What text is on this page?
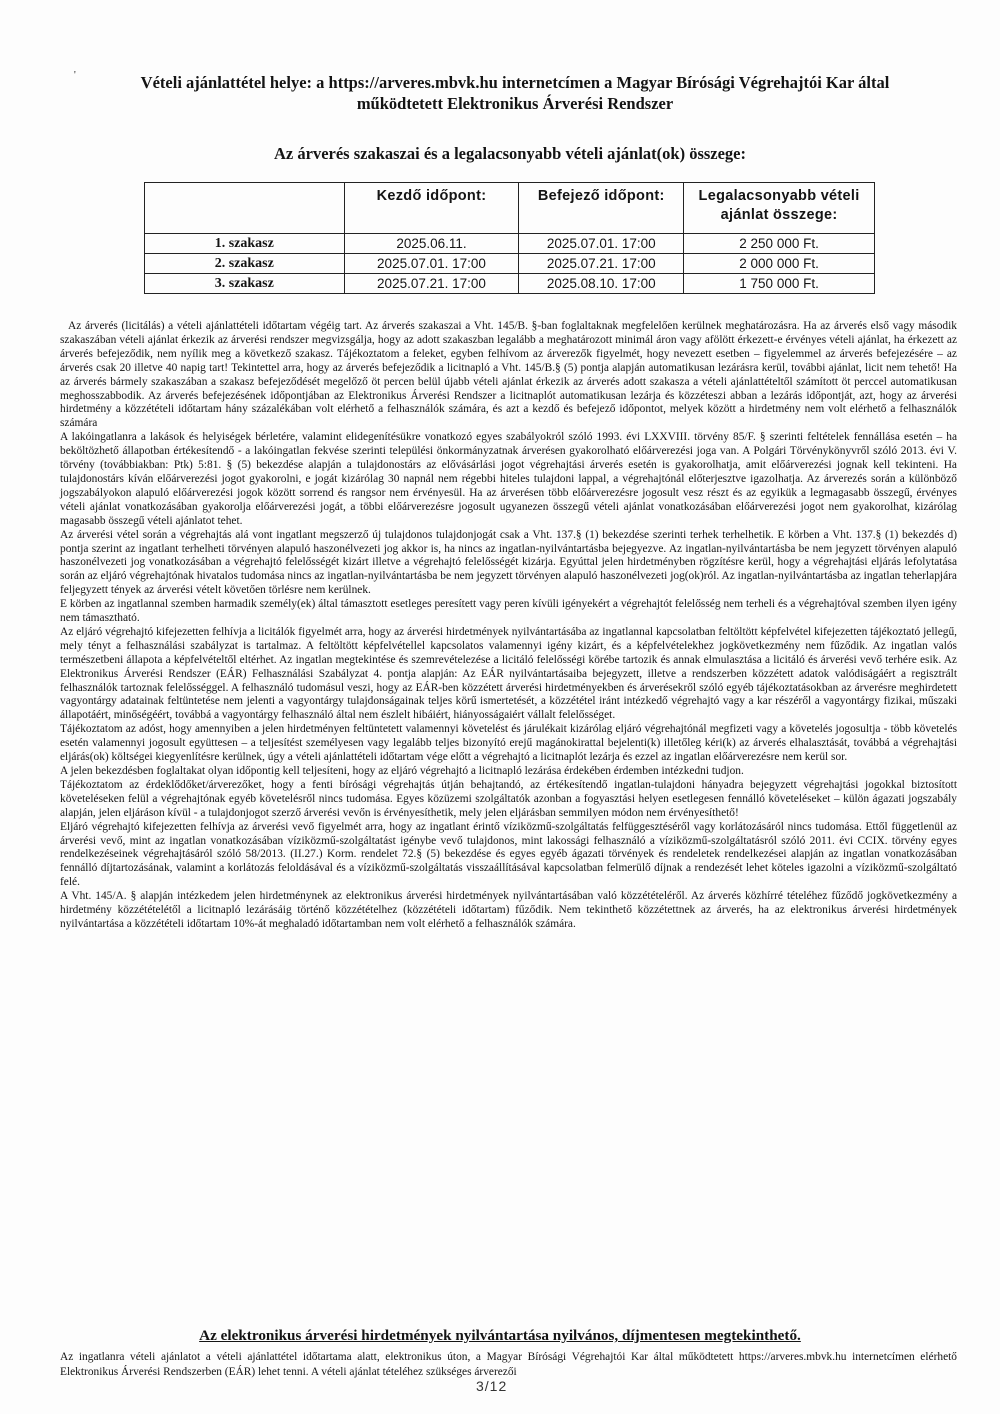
'	Vételi ajánlattétel helye: a https://arveres.mbvk.hu internetcímen a Magyar Bírósági Végrehajtói Kar által
működtetett Elektronikus Árverési Rendszer
Az árverés szakaszai és a legalacsonyabb vételi ajánlat(ok) összege:
	Kezdő időpont:	Befejező időpont:	Legalacsonyabb vételi ajánlat összege:
1. szakasz	2025.06.11.	2025.07.01. 17:00	2 250 000 Ft.
2. szakasz	2025.07.01. 17:00	2025.07.21. 17:00	2 000 000 Ft.
3. szakasz	2025.07.21. 17:00	2025.08.10. 17:00	1 750 000 Ft.

Az árverés (licitálás) a vételi ajánlattételi időtartam végéig tart. Az árverés szakaszai a Vht. 145/B. §-ban foglaltaknak megfelelően kerülnek meghatározásra. Ha az árverés első vagy második szakaszában vételi ajánlat érkezik az árverési rendszer megvizsgálja, hogy az adott szakaszban legalább a meghatározott minimál áron vagy afölött érkezett-e érvényes vételi ajánlat, ha érkezett az árverés befejeződik, nem nyílik meg a következő szakasz. Tájékoztatom a feleket, egyben felhívom az árverezők figyelmét, hogy nevezett esetben – figyelemmel az árverés befejezésére – az árverés csak 20 illetve 40 napig tart! Tekintettel arra, hogy az árverés befejeződik a licitnapló a Vht. 145/B.§ (5) pontja alapján automatikusan lezárásra kerül, további ajánlat, licit nem tehető! Ha az árverés bármely szakaszában a szakasz befejeződését megelőző öt percen belül újabb vételi ajánlat érkezik az árverés adott szakasza a vételi ajánlattételtől számított öt perccel automatikusan meghosszabbodik. Az árverés befejezésének időpontjában az Elektronikus Árverési Rendszer a licitnaplót automatikusan lezárja és közzéteszi abban a lezárás időpontját, azt, hogy az árverési hirdetmény a közzétételi időtartam hány százalékában volt elérhető a felhasználók számára, és azt a kezdő és befejező időpontot, melyek között a hirdetmény nem volt elérhető a felhasználók számára

A lakóingatlanra a lakások és helyiségek bérletére, valamint elidegenítésükre vonatkozó egyes szabályokról szóló 1993. évi LXXVIII. törvény 85/F. § szerinti feltételek fennállása esetén – ha beköltözhető állapotban értékesítendő - a lakóingatlan fekvése szerinti települési önkormányzatnak árverésen gyakorolható előárverezési joga van. A Polgári Törvénykönyvről szóló 2013. évi V. törvény (továbbiakban: Ptk) 5:81. § (5) bekezdése alapján a tulajdonostárs az elővásárlási jogot végrehajtási árverés esetén is gyakorolhatja, amit előárverezési jognak kell tekinteni. Ha tulajdonostárs kíván előárverezési jogot gyakorolni, e jogát kizárólag 30 napnál nem régebbi hiteles tulajdoni lappal, a végrehajtónál előterjesztve igazolhatja. Az árverezés során a különböző jogszabályokon alapuló előárverezési jogok között sorrend és rangsor nem érvényesül. Ha az árverésen több előárverezésre jogosult vesz részt és az egyikük a legmagasabb összegű, érvényes vételi ajánlat vonatkozásában gyakorolja előárverezési jogát, a többi előárverezésre jogosult ugyanezen összegű vételi ajánlat vonatkozásában előárverezési jogot nem gyakorolhat, kizárólag magasabb összegű vételi ajánlatot tehet.

Az árverési vétel során a végrehajtás alá vont ingatlant megszerző új tulajdonos tulajdonjogát csak a Vht. 137.§ (1) bekezdése szerinti terhek terhelhetik. E körben a Vht. 137.§ (1) bekezdés d) pontja szerint az ingatlant terhelheti törvényen alapuló haszonélvezeti jog akkor is, ha nincs az ingatlan-nyilvántartásba bejegyezve. Az ingatlan-nyilvántartásba be nem jegyzett törvényen alapuló haszonélvezeti jog vonatkozásában a végrehajtó felelősségét kizárt illetve a végrehajtó felelősségét kizárja. Egyúttal jelen hirdetményben rögzítésre kerül, hogy a végrehajtási eljárás lefolytatása során az eljáró végrehajtónak hivatalos tudomása nincs az ingatlan-nyilvántartásba be nem jegyzett törvényen alapuló haszonélvezeti jog(ok)ról. Az ingatlan-nyilvántartásba az ingatlan teherlapjára feljegyzett tények az árverési vételt követően törlésre nem kerülnek.

E körben az ingatlannal szemben harmadik személy(ek) által támasztott esetleges peresített vagy peren kívüli igényekért a végrehajtót felelősség nem terheli és a végrehajtóval szemben ilyen igény nem támasztható.

Az eljáró végrehajtó kifejezetten felhívja a licitálók figyelmét arra, hogy az árverési hirdetmények nyilvántartásába az ingatlannal kapcsolatban feltöltött képfelvétel kifejezetten tájékoztató jellegű, mely tényt a felhasználási szabályzat is tartalmaz. A feltöltött képfelvétellel kapcsolatos valamennyi igény kizárt, és a képfelvételekhez jogkövetkezmény nem fűződik. Az ingatlan valós természetbeni állapota a képfelvételtől eltérhet. Az ingatlan megtekintése és szemrevételezése a licitáló felelősségi körébe tartozik és annak elmulasztása a licitáló és árverési vevő terhére esik. Az Elektronikus Árverési Rendszer (EÁR) Felhasználási Szabályzat 4. pontja alapján: Az EÁR nyilvántartásaiba bejegyzett, illetve a rendszerben közzétett adatok valódiságáért a regisztrált felhasználók tartoznak felelősséggel. A felhasználó tudomásul veszi, hogy az EÁR-ben közzétett árverési hirdetményekben és árverésekről szóló egyéb tájékoztatásokban az árverésre meghirdetett vagyontárgy adatainak feltüntetése nem jelenti a vagyontárgy tulajdonságainak teljes körű ismertetését, a közzététel iránt intézkedő végrehajtó vagy a kar részéről a vagyontárgy fizikai, műszaki állapotáért, minőségéért, továbbá a vagyontárgy felhasználó által nem észlelt hibáiért, hiányosságaiért vállalt felelősséget.

Tájékoztatom az adóst, hogy amennyiben a jelen hirdetményen feltüntetett valamennyi követelést és járulékait kizárólag eljáró végrehajtónál megfizeti vagy a követelés jogosultja - több követelés esetén valamennyi jogosult együttesen – a teljesítést személyesen vagy legalább teljes bizonyító erejű magánokirattal bejelenti(k) illetőleg kéri(k) az árverés elhalasztását, továbbá a végrehajtási eljárás(ok) költségei kiegyenlítésre kerülnek, úgy a vételi ajánlattételi időtartam vége előtt a végrehajtó a licitnaplót lezárja és ezzel az ingatlan előárverezésre nem kerül sor.

A jelen bekezdésben foglaltakat olyan időpontig kell teljesíteni, hogy az eljáró végrehajtó a licitnapló lezárása érdekében érdemben intézkedni tudjon.

Tájékoztatom az érdeklődőket/árverezőket, hogy a fenti bírósági végrehajtás útján behajtandó, az értékesítendő ingatlan-tulajdoni hányadra bejegyzett végrehajtási jogokkal biztosított követeléseken felül a végrehajtónak egyéb követelésről nincs tudomása. Egyes közüzemi szolgáltatók azonban a fogyasztási helyen esetlegesen fennálló követeléseket – külön ágazati jogszabály alapján, jelen eljáráson kívül - a tulajdonjogot szerző árverési vevőn is érvényesíthetik, mely jelen eljárásban semmilyen módon nem érvényesíthető!

Eljáró végrehajtó kifejezetten felhívja az árverési vevő figyelmét arra, hogy az ingatlant érintő víziközmű-szolgáltatás felfüggesztéséről vagy korlátozásáról nincs tudomása. Ettől függetlenül az árverési vevő, mint az ingatlan vonatkozásában víziközmű-szolgáltatást igénybe vevő tulajdonos, mint lakossági felhasználó a víziközmű-szolgáltatásról szóló 2011. évi CCIX. törvény egyes rendelkezéseinek végrehajtásáról szóló 58/2013. (II.27.) Korm. rendelet 72.§ (5) bekezdése és egyes egyéb ágazati törvények és rendeletek rendelkezései alapján az ingatlan vonatkozásában fennálló díjtartozásának, valamint a korlátozás feloldásával és a víziközmű-szolgáltatás visszaállításával kapcsolatban felmerülő díjnak a rendezését lehet köteles igazolni a víziközmű-szolgáltató felé.

A Vht. 145/A. § alapján intézkedem jelen hirdetménynek az elektronikus árverési hirdetmények nyilvántartásában való közzétételéről. Az árverés közhírré tételéhez fűződő jogkövetkezmény a hirdetmény közzétételétől a licitnapló lezárásáig történő közzétételhez (közzétételi időtartam) fűződik. Nem tekinthető közzétettnek az árverés, ha az elektronikus árverési hirdetmények nyilvántartása a közzétételi időtartam 10%-át meghaladó időtartamban nem volt elérhető a felhasználók számára.

Az elektronikus árverési hirdetmények nyilvántartása nyilvános, díjmentesen megtekinthető.
Az ingatlanra vételi ajánlatot a vételi ajánlattétel időtartama alatt, elektronikus úton, a Magyar Bírósági Végrehajtói Kar által működtetett https://arveres.mbvk.hu internetcímen elérhető Elektronikus Árverési Rendszerben (EÁR) lehet tenni. A vételi ajánlat tételéhez szükséges árverezői
3/12
